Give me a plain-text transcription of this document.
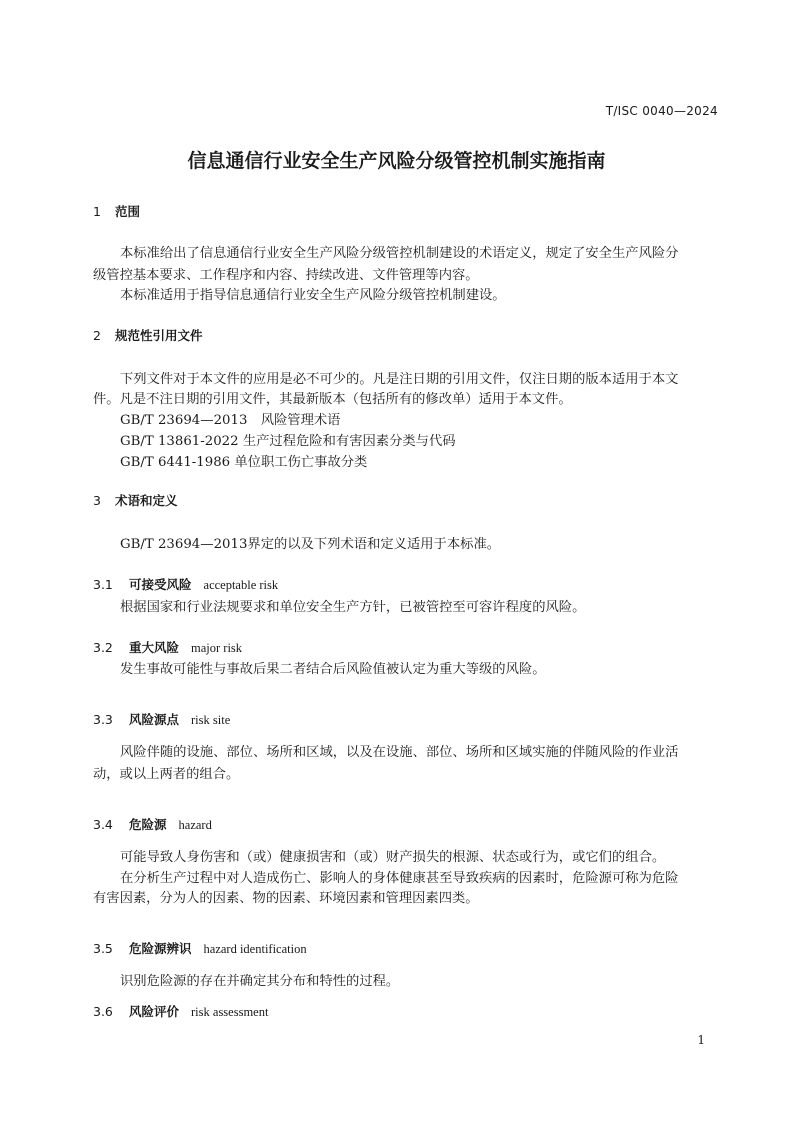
T/ISC 0040—2024
信息通信行业安全生产风险分级管控机制实施指南
1 范围
本标准给出了信息通信行业安全生产风险分级管控机制建设的术语定义，规定了安全生产风险分
级管控基本要求、工作程序和内容、持续改进、文件管理等内容。
本标准适用于指导信息通信行业安全生产风险分级管控机制建设。
2 规范性引用文件
下列文件对于本文件的应用是必不可少的。凡是注日期的引用文件，仅注日期的版本适用于本文
件。凡是不注日期的引用文件，其最新版本（包括所有的修改单）适用于本文件。
GB/T 23694—2013　风险管理术语
GB/T 13861-2022 生产过程危险和有害因素分类与代码
GB/T 6441-1986 单位职工伤亡事故分类
3 术语和定义
GB/T 23694—2013界定的以及下列术语和定义适用于本标准。
3.1 可接受风险 acceptable risk
根据国家和行业法规要求和单位安全生产方针，已被管控至可容许程度的风险。
3.2 重大风险 major risk
发生事故可能性与事故后果二者结合后风险值被认定为重大等级的风险。
3.3 风险源点 risk site
风险伴随的设施、部位、场所和区域，以及在设施、部位、场所和区域实施的伴随风险的作业活
动，或以上两者的组合。
3.4 危险源 hazard
可能导致人身伤害和（或）健康损害和（或）财产损失的根源、状态或行为，或它们的组合。
在分析生产过程中对人造成伤亡、影响人的身体健康甚至导致疾病的因素时，危险源可称为危险
有害因素，分为人的因素、物的因素、环境因素和管理因素四类。
3.5 危险源辨识 hazard identification
识别危险源的存在并确定其分布和特性的过程。
3.6 风险评价 risk assessment
1
